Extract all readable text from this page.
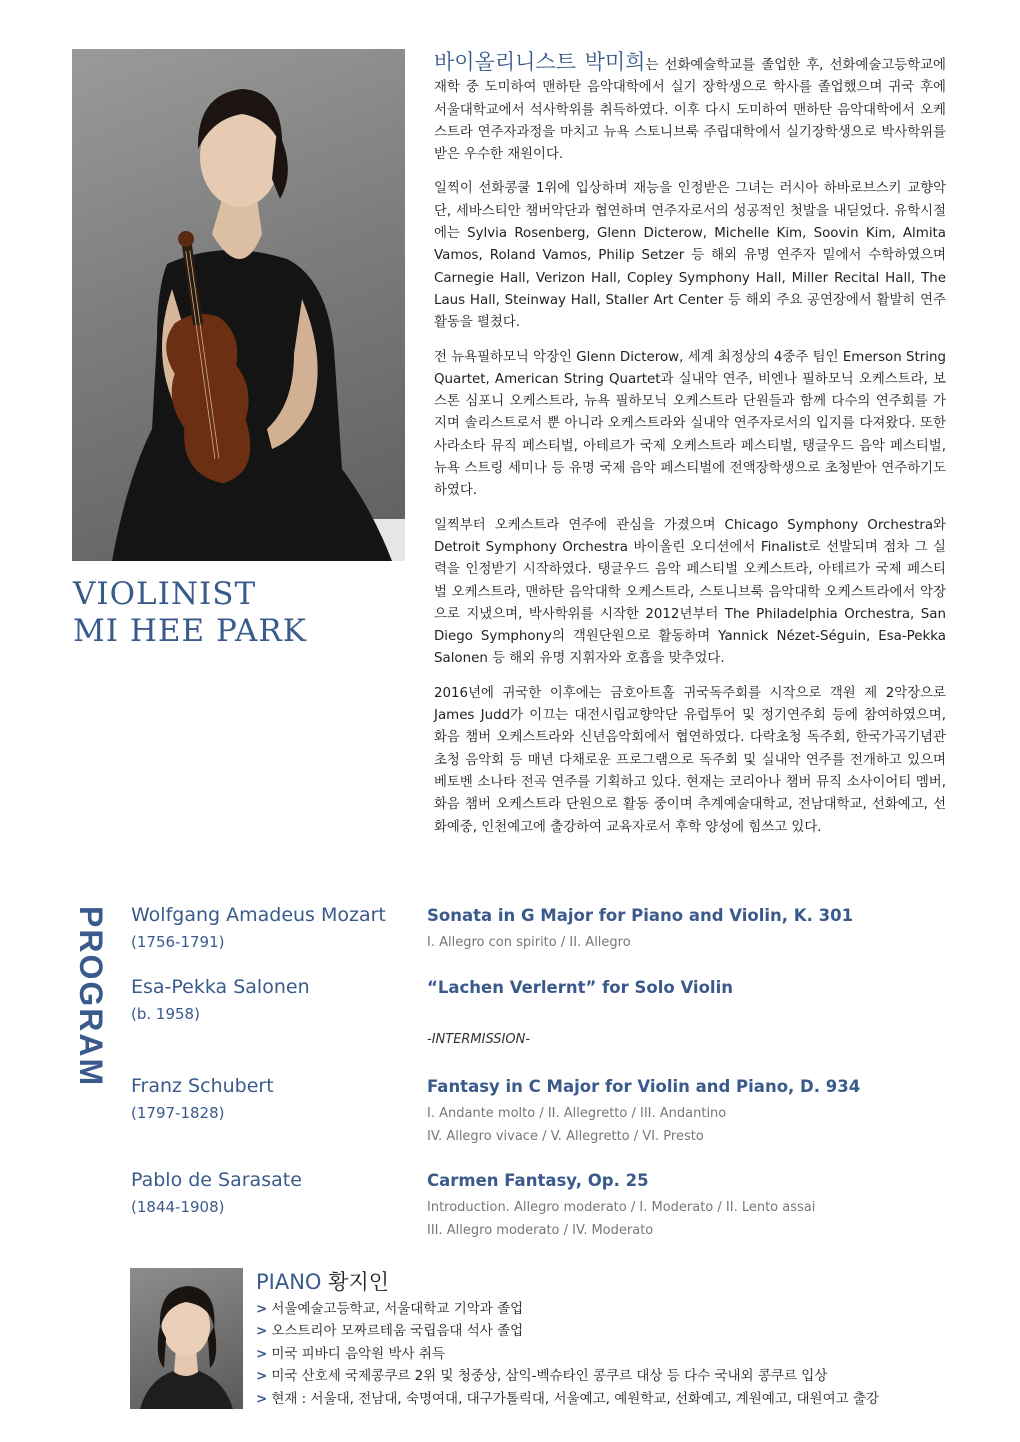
VIOLINIST
MI HEE PARK

바이올리니스트 박미희는 선화예술학교를 졸업한 후, 선화예술고등학교에 재학 중 도미하여 맨하탄 음악대학에서 실기 장학생으로 학사를 졸업했으며 귀국 후에 서울대학교에서 석사학위를 취득하였다. 이후 다시 도미하여 맨하탄 음악대학에서 오케스트라 연주자과정을 마치고 뉴욕 스토니브룩 주립대학에서 실기장학생으로 박사학위를 받은 우수한 재원이다.

일찍이 선화콩쿨 1위에 입상하며 재능을 인정받은 그녀는 러시아 하바로브스키 교향악단, 세바스티안 챔버악단과 협연하며 연주자로서의 성공적인 첫발을 내딛었다. 유학시절에는 Sylvia Rosenberg, Glenn Dicterow, Michelle Kim, Soovin Kim, Almita Vamos, Roland Vamos, Philip Setzer 등 해외 유명 연주자 밑에서 수학하였으며 Carnegie Hall, Verizon Hall, Copley Symphony Hall, Miller Recital Hall, The Laus Hall, Steinway Hall, Staller Art Center 등 해외 주요 공연장에서 활발히 연주활동을 펼쳤다.

전 뉴욕필하모닉 악장인 Glenn Dicterow, 세계 최정상의 4중주 팀인 Emerson String Quartet, American String Quartet과 실내악 연주, 비엔나 필하모닉 오케스트라, 보스톤 심포니 오케스트라, 뉴욕 필하모닉 오케스트라 단원들과 함께 다수의 연주회를 가지며 솔리스트로서 뿐 아니라 오케스트라와 실내악 연주자로서의 입지를 다져왔다. 또한 사라소타 뮤직 페스티벌, 아테르가 국제 오케스트라 페스티벌, 탱글우드 음악 페스티벌, 뉴욕 스트링 세미나 등 유명 국제 음악 페스티벌에 전액장학생으로 초청받아 연주하기도 하였다.

일찍부터 오케스트라 연주에 관심을 가졌으며 Chicago Symphony Orchestra와 Detroit Symphony Orchestra 바이올린 오디션에서 Finalist로 선발되며 점차 그 실력을 인정받기 시작하였다. 탱글우드 음악 페스티벌 오케스트라, 아테르가 국제 페스티벌 오케스트라, 맨하탄 음악대학 오케스트라, 스토니브룩 음악대학 오케스트라에서 악장으로 지냈으며, 박사학위를 시작한 2012년부터 The Philadelphia Orchestra, San Diego Symphony의 객원단원으로 활동하며 Yannick Nézet-Séguin, Esa-Pekka Salonen 등 해외 유명 지휘자와 호흡을 맞추었다.

2016년에 귀국한 이후에는 금호아트홀 귀국독주회를 시작으로 객원 제 2악장으로 James Judd가 이끄는 대전시립교향악단 유럽투어 및 정기연주회 등에 참여하였으며, 화음 챔버 오케스트라와 신년음악회에서 협연하였다. 다락초청 독주회, 한국가곡기념관 초청 음악회 등 매년 다채로운 프로그램으로 독주회 및 실내악 연주를 전개하고 있으며 베토벤 소나타 전곡 연주를 기획하고 있다. 현재는 코리아나 챔버 뮤직 소사이어티 멤버, 화음 챔버 오케스트라 단원으로 활동 중이며 추계예술대학교, 전남대학교, 선화예고, 선화예중, 인천예고에 출강하여 교육자로서 후학 양성에 힘쓰고 있다.

PROGRAM Wolfgang Amadeus Mozart
(1756-1791)
Sonata in G Major for Piano and Violin, K. 301
I. Allegro con spirito / II. Allegro
Esa-Pekka Salonen
(b. 1958)
“Lachen Verlernt” for Solo Violin
-INTERMISSION-
Franz Schubert
(1797-1828)
Fantasy in C Major for Violin and Piano, D. 934
I. Andante molto / II. Allegretto / III. Andantino
IV. Allegro vivace / V. Allegretto / VI. Presto
Pablo de Sarasate
(1844-1908)
Carmen Fantasy, Op. 25
Introduction. Allegro moderato / I. Moderato / II. Lento assai
III. Allegro moderato / IV. Moderato
PIANO 황지인
> 서울예술고등학교, 서울대학교 기악과 졸업
> 오스트리아 모짜르테움 국립음대 석사 졸업
> 미국 피바디 음악원 박사 취득
> 미국 산호세 국제콩쿠르 2위 및 청중상, 삼익-벡슈타인 콩쿠르 대상 등 다수 국내외 콩쿠르 입상
> 현재 : 서울대, 전남대, 숙명여대, 대구가톨릭대, 서울예고, 예원학교, 선화예고, 계원예고, 대원여고 출강
